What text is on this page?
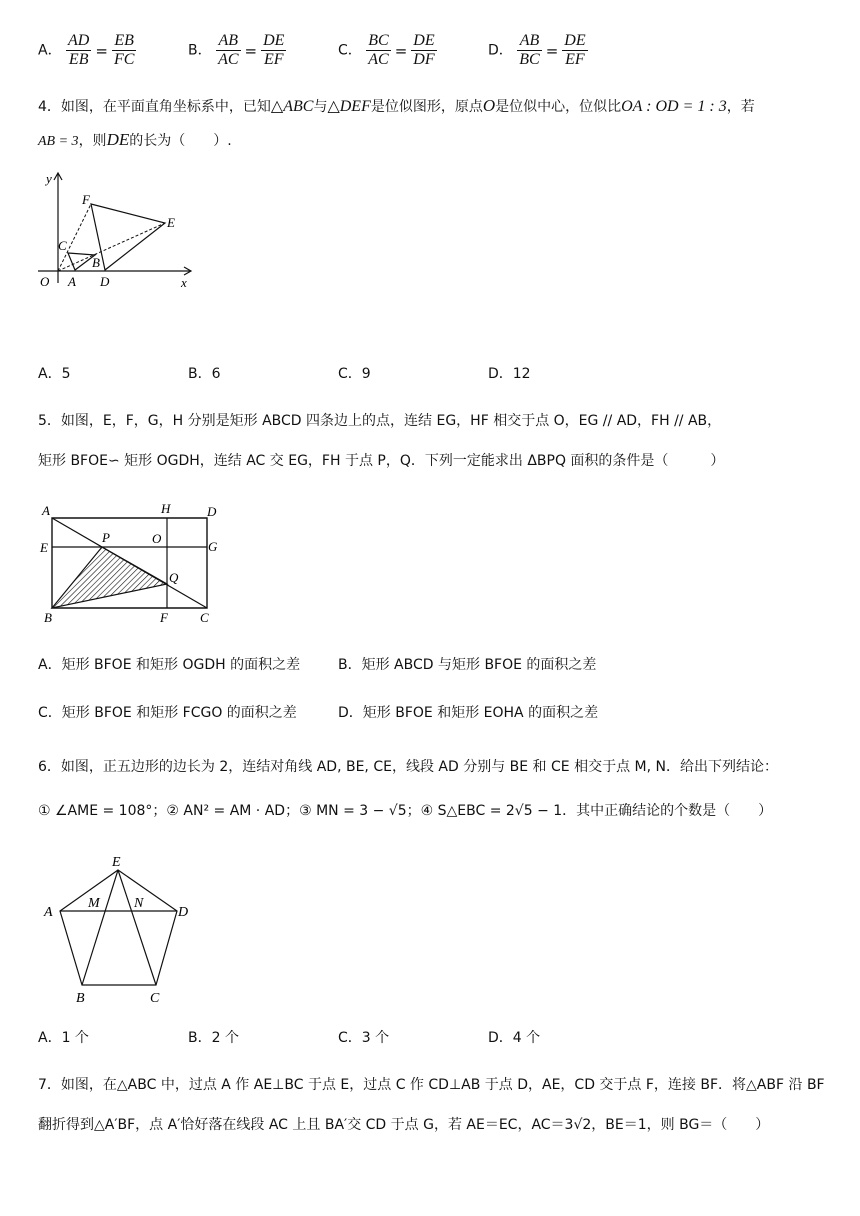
A． $\frac{AD}{EB} = \frac{EB}{FC}$	B． $\frac{AB}{AC} = \frac{DE}{EF}$	C． $\frac{BC}{AC} = \frac{DE}{DF}$	D． $\frac{AB}{BC} = \frac{DE}{EF}$
4．如图，在平面直角坐标系中，已知△ABC与△DEF是位似图形，原点O是位似中心，位似比OA : OD = 1 : 3，若
AB = 3，则DE的长为（　　）.
y
x
O A
B
C
D
E
F
A．5	B．6	C．9	D．12
5．如图，E，F，G，H 分别是矩形 ABCD 四条边上的点，连结 EG，HF 相交于点 O，EG // AD，FH // AB，
矩形 BFOE∽ 矩形 OGDH，连结 AC 交 EG，FH 于点 P，Q．下列一定能求出 ΔBPQ 面积的条件是（　　　）
A	H	D
E
P	O
G
Q
B	F C
A．矩形 BFOE 和矩形 OGDH 的面积之差	B．矩形 ABCD 与矩形 BFOE 的面积之差
C．矩形 BFOE 和矩形 FCGO 的面积之差	D．矩形 BFOE 和矩形 EOHA 的面积之差
6．如图，正五边形的边长为 2，连结对角线 AD, BE, CE，线段 AD 分别与 BE 和 CE 相交于点 M, N．给出下列结论：
① ∠AME = 108°；② AN² = AM · AD；③ MN = 3 − √5；④ S△EBC = 2√5 − 1．其中正确结论的个数是（　　）
E
A
M N
D
B	C
A．1 个	B．2 个	C．3 个	D．4 个
7．如图，在△ABC 中，过点 A 作 AE⊥BC 于点 E，过点 C 作 CD⊥AB 于点 D，AE，CD 交于点 F，连接 BF．将△ABF 沿 BF
翻折得到△A′BF，点 A′恰好落在线段 AC 上且 BA′交 CD 于点 G，若 AE＝EC，AC＝3√2，BE＝1，则 BG＝（　　）
